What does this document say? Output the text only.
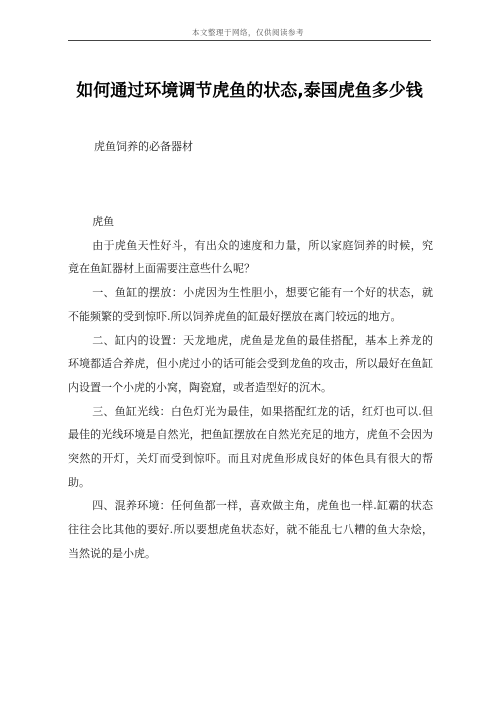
本文整理于网络，仅供阅读参考
如何通过环境调节虎鱼的状态,泰国虎鱼多少钱

虎鱼饲养的必备器材

虎鱼

由于虎鱼天性好斗，有出众的速度和力量，所以家庭饲养的时候，究竟在鱼缸器材上面需要注意些什么呢？

一、鱼缸的摆放：小虎因为生性胆小，想要它能有一个好的状态，就不能频繁的受到惊吓.所以饲养虎鱼的缸最好摆放在离门较远的地方。

二、缸内的设置：天龙地虎，虎鱼是龙鱼的最佳搭配，基本上养龙的环境都适合养虎，但小虎过小的话可能会受到龙鱼的攻击，所以最好在鱼缸内设置一个小虎的小窝，陶瓷窟，或者造型好的沉木。

三、鱼缸光线：白色灯光为最佳，如果搭配红龙的话，红灯也可以.但最佳的光线环境是自然光，把鱼缸摆放在自然光充足的地方，虎鱼不会因为突然的开灯，关灯而受到惊吓。而且对虎鱼形成良好的体色具有很大的帮助。

四、混养环境：任何鱼都一样，喜欢做主角，虎鱼也一样.缸霸的状态往往会比其他的要好.所以要想虎鱼状态好，就不能乱七八糟的鱼大杂烩，当然说的是小虎。
